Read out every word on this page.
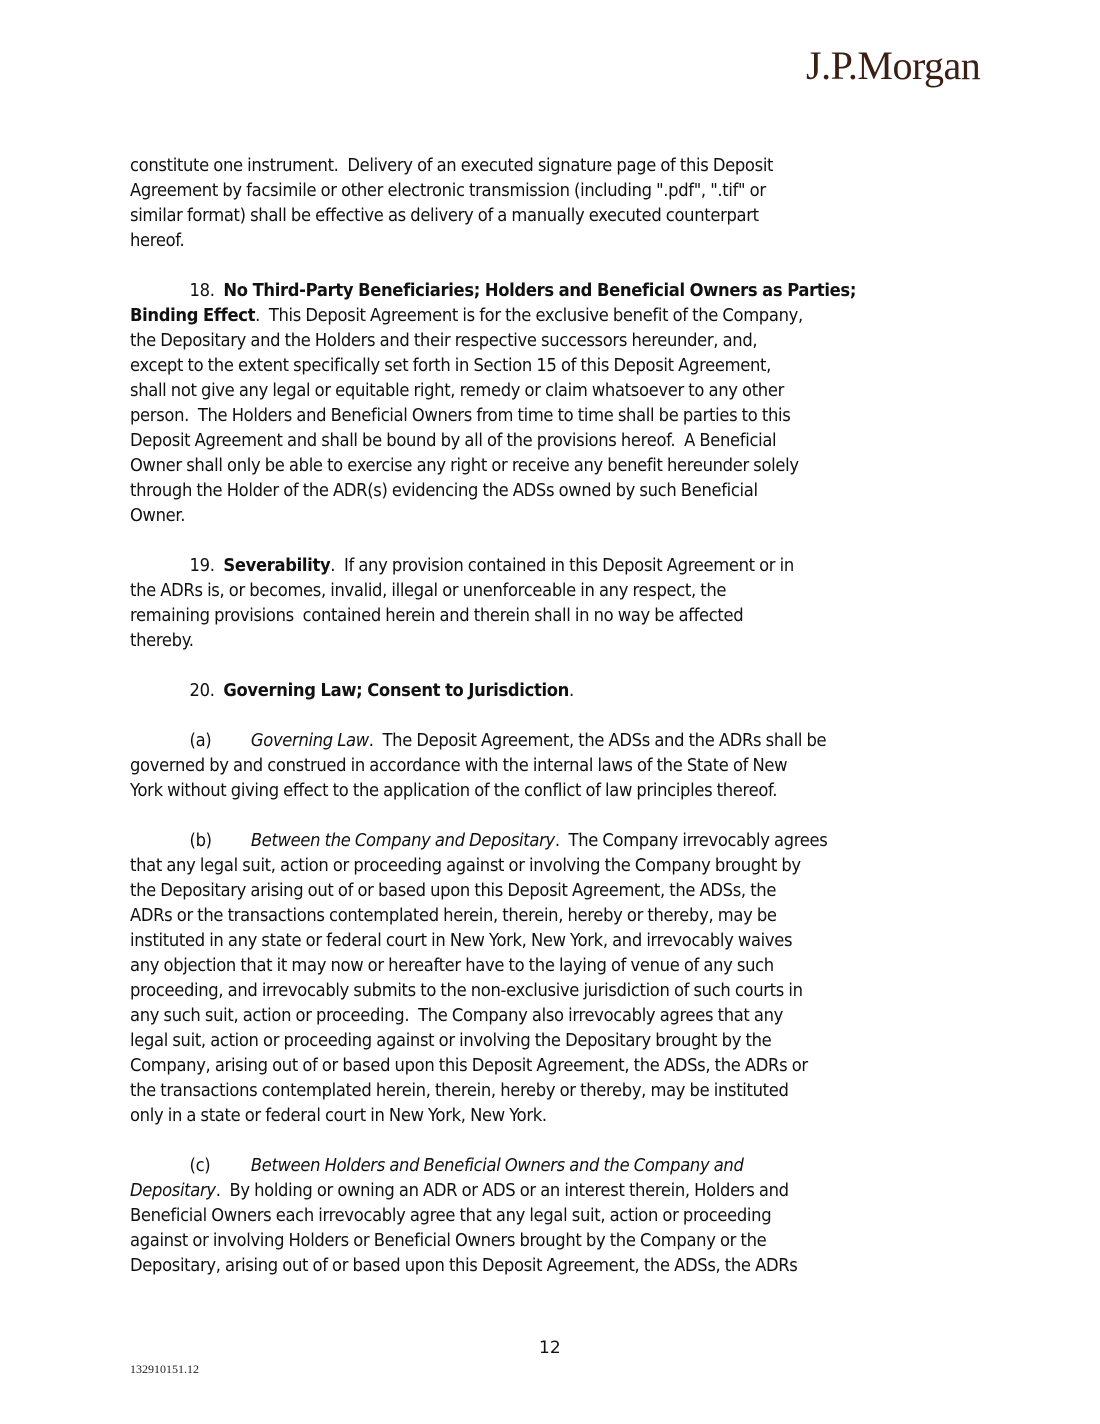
J.P.Morgan
constitute one instrument.  Delivery of an executed signature page of this Deposit
Agreement by facsimile or other electronic transmission (including ".pdf", ".tif" or
similar format) shall be effective as delivery of a manually executed counterpart
hereof.
18. No Third-Party Beneficiaries; Holders and Beneficial Owners as Parties;
Binding Effect.  This Deposit Agreement is for the exclusive benefit of the Company,
the Depositary and the Holders and their respective successors hereunder, and,
except to the extent specifically set forth in Section 15 of this Deposit Agreement,
shall not give any legal or equitable right, remedy or claim whatsoever to any other
person.  The Holders and Beneficial Owners from time to time shall be parties to this
Deposit Agreement and shall be bound by all of the provisions hereof.  A Beneficial
Owner shall only be able to exercise any right or receive any benefit hereunder solely
through the Holder of the ADR(s) evidencing the ADSs owned by such Beneficial
Owner.
19. Severability.  If any provision contained in this Deposit Agreement or in
the ADRs is, or becomes, invalid, illegal or unenforceable in any respect, the
remaining provisions  contained herein and therein shall in no way be affected
thereby.
20. Governing Law; Consent to Jurisdiction.
(a) Governing Law.  The Deposit Agreement, the ADSs and the ADRs shall be
governed by and construed in accordance with the internal laws of the State of New
York without giving effect to the application of the conflict of law principles thereof.
(b) Between the Company and Depositary.  The Company irrevocably agrees
that any legal suit, action or proceeding against or involving the Company brought by
the Depositary arising out of or based upon this Deposit Agreement, the ADSs, the
ADRs or the transactions contemplated herein, therein, hereby or thereby, may be
instituted in any state or federal court in New York, New York, and irrevocably waives
any objection that it may now or hereafter have to the laying of venue of any such
proceeding, and irrevocably submits to the non-exclusive jurisdiction of such courts in
any such suit, action or proceeding.  The Company also irrevocably agrees that any
legal suit, action or proceeding against or involving the Depositary brought by the
Company, arising out of or based upon this Deposit Agreement, the ADSs, the ADRs or
the transactions contemplated herein, therein, hereby or thereby, may be instituted
only in a state or federal court in New York, New York.
(c) Between Holders and Beneficial Owners and the Company and
Depositary.  By holding or owning an ADR or ADS or an interest therein, Holders and
Beneficial Owners each irrevocably agree that any legal suit, action or proceeding
against or involving Holders or Beneficial Owners brought by the Company or the
Depositary, arising out of or based upon this Deposit Agreement, the ADSs, the ADRs
12
132910151.12
